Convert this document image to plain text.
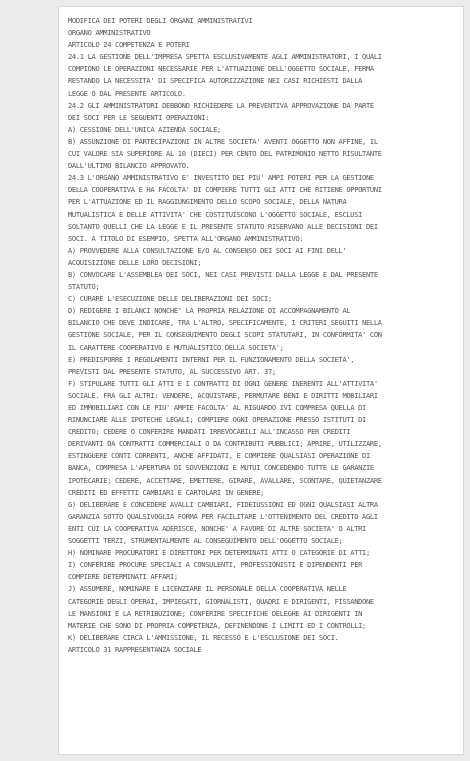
MODIFICA DEI POTERI DEGLI ORGANI AMMINISTRATIVI
ORGANO AMMINISTRATIVO
ARTICOLO 24 COMPETENZA E POTERI
24.1 LA GESTIONE DELL'IMPRESA SPETTA ESCLUSIVAMENTE AGLI AMMINISTRATORI, I QUALI
COMPIONO LE OPERAZIONI NECESSARIE PER L'ATTUAZIONE DELL'OGGETTO SOCIALE, FERMA
RESTANDO LA NECESSITA' DI SPECIFICA AUTORIZZAZIONE NEI CASI RICHIESTI DALLA
LEGGE O DAL PRESENTE ARTICOLO.
24.2 GLI AMMINISTRATORI DEBBONO RICHIEDERE LA PREVENTIVA APPROVAZIONE DA PARTE
DEI SOCI PER LE SEGUENTI OPERAZIONI:
A) CESSIONE DELL'UNICA AZIENDA SOCIALE;
B) ASSUNZIONE DI PARTECIPAZIONI IN ALTRE SOCIETA' AVENTI OGGETTO NON AFFINE, IL
CUI VALORE SIA SUPERIORE AL 10 (DIECI) PER CENTO DEL PATRIMONIO NETTO RISULTANTE
DALL'ULTIMO BILANCIO APPROVATO.
24.3 L'ORGANO AMMINISTRATIVO E' INVESTITO DEI PIU' AMPI POTERI PER LA GESTIONE
DELLA COOPERATIVA E HA FACOLTA' DI COMPIERE TUTTI GLI ATTI CHE RITIENE OPPORTUNI
PER L'ATTUAZIONE ED IL RAGGIUNGIMENTO DELLO SCOPO SOCIALE, DELLA NATURA
MUTUALISTICA E DELLE ATTIVITA' CHE COSTITUISCONO L'OGGETTO SOCIALE, ESCLUSI
SOLTANTO QUELLI CHE LA LEGGE E IL PRESENTE STATUTO RISERVANO ALLE DECISIONI DEI
SOCI. A TITOLO DI ESEMPIO, SPETTA ALL'ORGANO AMMINISTRATIVO:
A) PROVVEDERE ALLA CONSULTAZIONE E/O AL CONSENSO DEI SOCI AI FINI DELL'
ACQUISIZIONE DELLE LORO DECISIONI;
B) CONVOCARE L'ASSEMBLEA DEI SOCI, NEI CASI PREVISTI DALLA LEGGE E DAL PRESENTE
STATUTO;
C) CURARE L'ESECUZIONE DELLE DELIBERAZIONI DEI SOCI;
D) REDIGERE I BILANCI NONCHE' LA PROPRIA RELAZIONE DI ACCOMPAGNAMENTO AL
BILANCIO CHE DEVE INDICARE, TRA L'ALTRO, SPECIFICAMENTE, I CRITERI SEGUITI NELLA
GESTIONE SOCIALE, PER IL CONSEGUIMENTO DEGLI SCOPI STATUTARI, IN CONFORMITA' CON
IL CARATTERE COOPERATIVO E MUTUALISTICO DELLA SOCIETA';
E) PREDISPORRE I REGOLAMENTI INTERNI PER IL FUNZIONAMENTO DELLA SOCIETA',
PREVISTI DAL PRESENTE STATUTO, AL SUCCESSIVO ART. 37;
F) STIPULARE TUTTI GLI ATTI E I CONTRATTI DI OGNI GENERE INERENTI ALL'ATTIVITA'
SOCIALE. FRA GLI ALTRI: VENDERE, ACQUISTARE, PERMUTARE BENI E DIRITTI MOBILIARI
ED IMMOBILIARI CON LE PIU' AMPIE FACOLTA' AL RIGUARDO IVI COMPRESA QUELLA DI
RINUNCIARE ALLE IPOTECHE LEGALI; COMPIERE OGNI OPERAZIONE PRESSO ISTITUTI DI
CREDITO; CEDERE O CONFERIRE MANDATI IRREVOCABILI ALL'INCASSO PER CREDITI
DERIVANTI DA CONTRATTI COMMERCIALI O DA CONTRIBUTI PUBBLICI; APRIRE, UTILIZZARE,
ESTINGUERE CONTI CORRENTI, ANCHE AFFIDATI, E COMPIERE QUALSIASI OPERAZIONE DI
BANCA, COMPRESA L'APERTURA DI SOVVENZIONI E MUTUI CONCEDENDO TUTTE LE GARANZIE
IPOTECARIE; CEDERE, ACCETTARE, EMETTERE, GIRARE, AVALLARE, SCONTARE, QUIETANZARE
CREDITI ED EFFETTI CAMBIARI E CARTOLARI IN GENERE;
G) DELIBERARE E CONCEDERE AVALLI CAMBIARI, FIDEIUSSIONI ED OGNI QUALSIASI ALTRA
GARANZIA SOTTO QUALSIVOGLIA FORMA PER FACILITARE L'OTTENIMENTO DEL CREDITO AGLI
ENTI CUI LA COOPERATIVA ADERISCE, NONCHE' A FAVORE DI ALTRE SOCIETA' O ALTRI
SOGGETTI TERZI, STRUMENTALMENTE AL CONSEGUIMENTO DELL'OGGETTO SOCIALE;
H) NOMINARE PROCURATORI E DIRETTORI PER DETERMINATI ATTI O CATEGORIE DI ATTI;
I) CONFERIRE PROCURE SPECIALI A CONSULENTI, PROFESSIONISTI E DIPENDENTI PER
COMPIERE DETERMINATI AFFARI;
J) ASSUMERE, NOMINARE E LICENZIARE IL PERSONALE DELLA COOPERATIVA NELLE
CATEGORIE DEGLI OPERAI, IMPIEGATI, GIORNALISTI, QUADRI E DIRIGENTI, FISSANDONE
LE MANSIONI E LA RETRIBUZIONE; CONFERIRE SPECIFICHE DELEGHE AI DIRIGENTI IN
MATERIE CHE SONO DI PROPRIA COMPETENZA, DEFINENDONE I LIMITI ED I CONTROLLI;
K) DELIBERARE CIRCA L'AMMISSIONE, IL RECESSO E L'ESCLUSIONE DEI SOCI.
ARTICOLO 31 RAPPRESENTANZA SOCIALE
